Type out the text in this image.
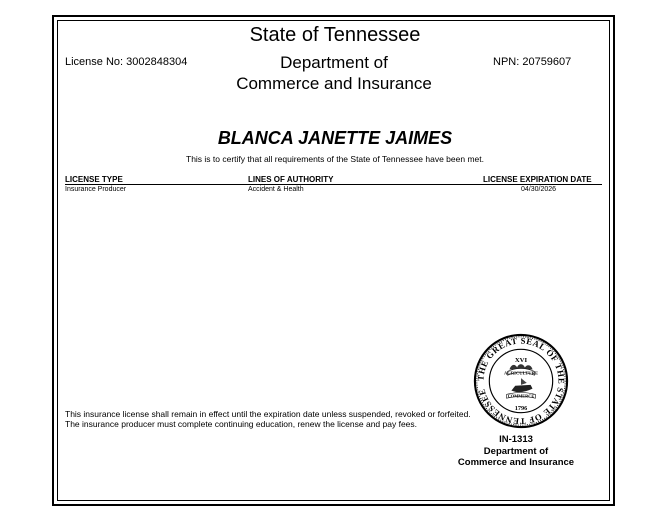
State of Tennessee
Department of
Commerce and Insurance
License No: 3002848304	NPN: 20759607
BLANCA JANETTE JAIMES
This is to certify that all requirements of the State of Tennessee have been met.
LICENSE TYPE	LINES OF AUTHORITY	LICENSE EXPIRATION DATE
Insurance Producer	Accident & Health	04/30/2026
This insurance license shall remain in effect until the expiration date unless suspended, revoked or forfeited. The insurance producer must complete continuing education, renew the license and pay fees.
THE GREAT SEAL OF THE STATE OF TENNESSEE
XVI
AGRICULTURE
COMMERCE
1796
IN-1313
Department of
Commerce and Insurance
